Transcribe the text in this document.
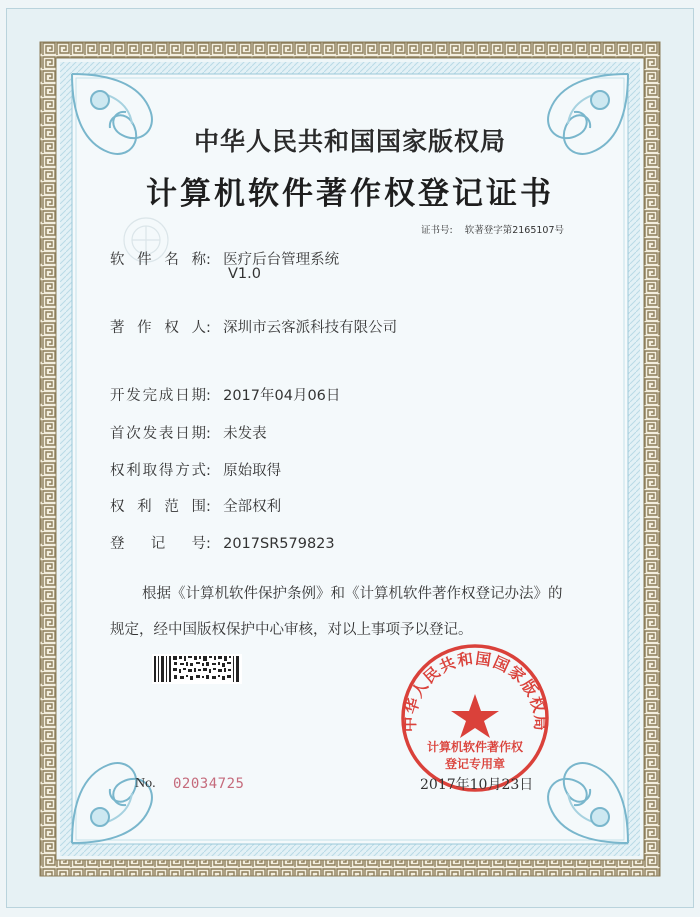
中华人民共和国国家版权局
计算机软件著作权
登记专用章
中华人民共和国国家版权局
计算机软件著作权登记证书
证书号: 软著登字第2165107号
软件名称: 医疗后台管理系统
V1.0
著作权人: 深圳市云客派科技有限公司
开发完成日期: 2017年04月06日
首次发表日期: 未发表
权利取得方式: 原始取得
权利范围: 全部权利
登记号: 2017SR579823
根据《计算机软件保护条例》和《计算机软件著作权登记办法》的
规定，经中国版权保护中心审核，对以上事项予以登记。
No. 02034725	2017年10月23日
